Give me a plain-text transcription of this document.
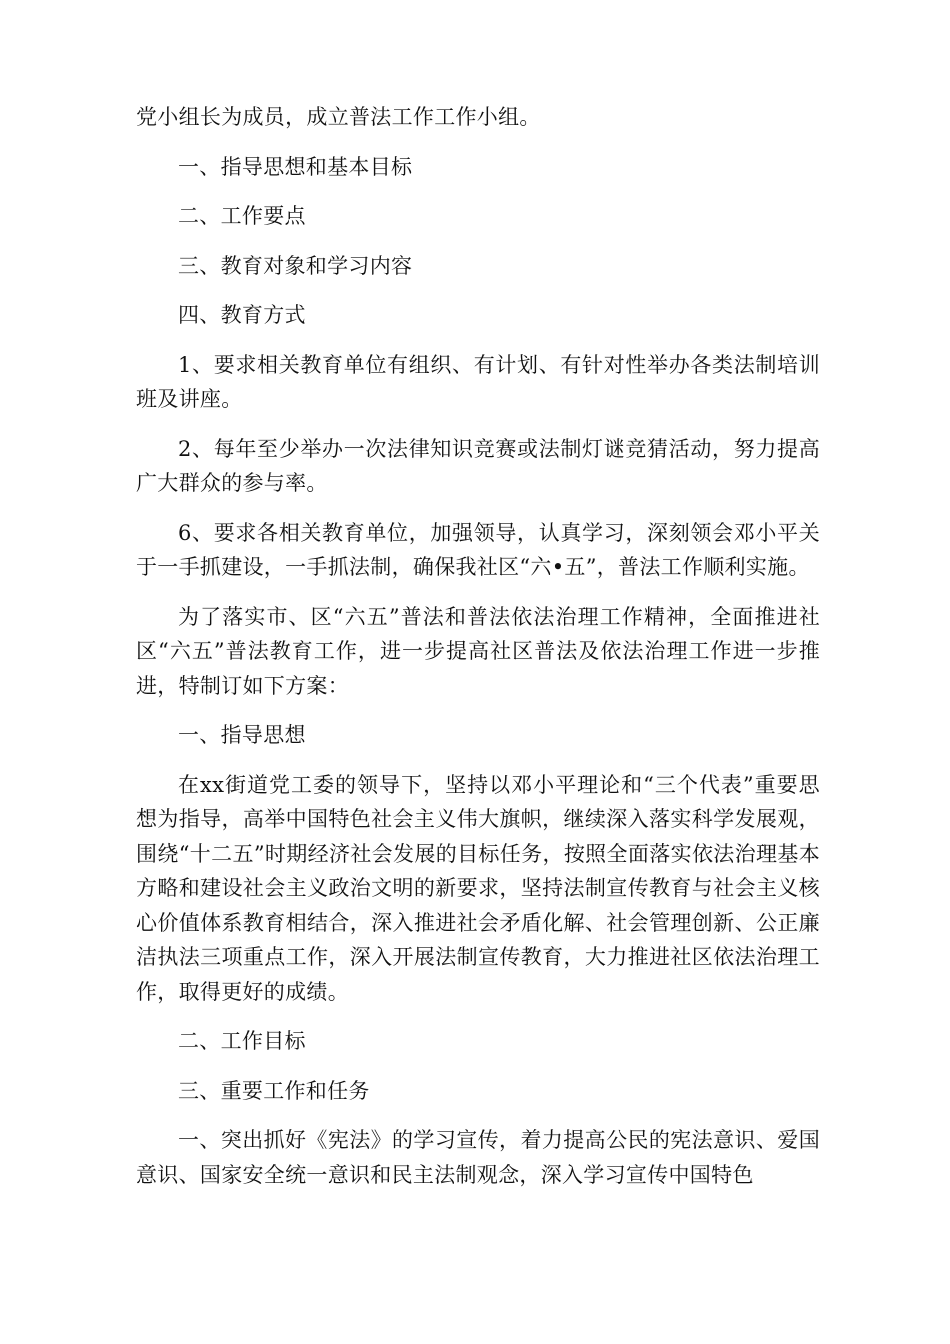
党小组长为成员，成立普法工作工作小组。

一、指导思想和基本目标

二、工作要点

三、教育对象和学习内容

四、教育方式

1、要求相关教育单位有组织、有计划、有针对性举办各类法制培训班及讲座。

2、每年至少举办一次法律知识竞赛或法制灯谜竞猜活动，努力提高广大群众的参与率。

6、要求各相关教育单位，加强领导，认真学习，深刻领会邓小平关于一手抓建设，一手抓法制，确保我社区“六•五”，普法工作顺利实施。

为了落实市、区“六五”普法和普法依法治理工作精神，全面推进社区“六五”普法教育工作，进一步提高社区普法及依法治理工作进一步推进，特制订如下方案：

一、指导思想

在xx街道党工委的领导下，坚持以邓小平理论和“三个代表”重要思想为指导，高举中国特色社会主义伟大旗帜，继续深入落实科学发展观，围绕“十二五”时期经济社会发展的目标任务，按照全面落实依法治理基本方略和建设社会主义政治文明的新要求，坚持法制宣传教育与社会主义核心价值体系教育相结合，深入推进社会矛盾化解、社会管理创新、公正廉洁执法三项重点工作，深入开展法制宣传教育，大力推进社区依法治理工作，取得更好的成绩。

二、工作目标

三、重要工作和任务

一、突出抓好《宪法》的学习宣传，着力提高公民的宪法意识、爱国意识、国家安全统一意识和民主法制观念，深入学习宣传中国特色
